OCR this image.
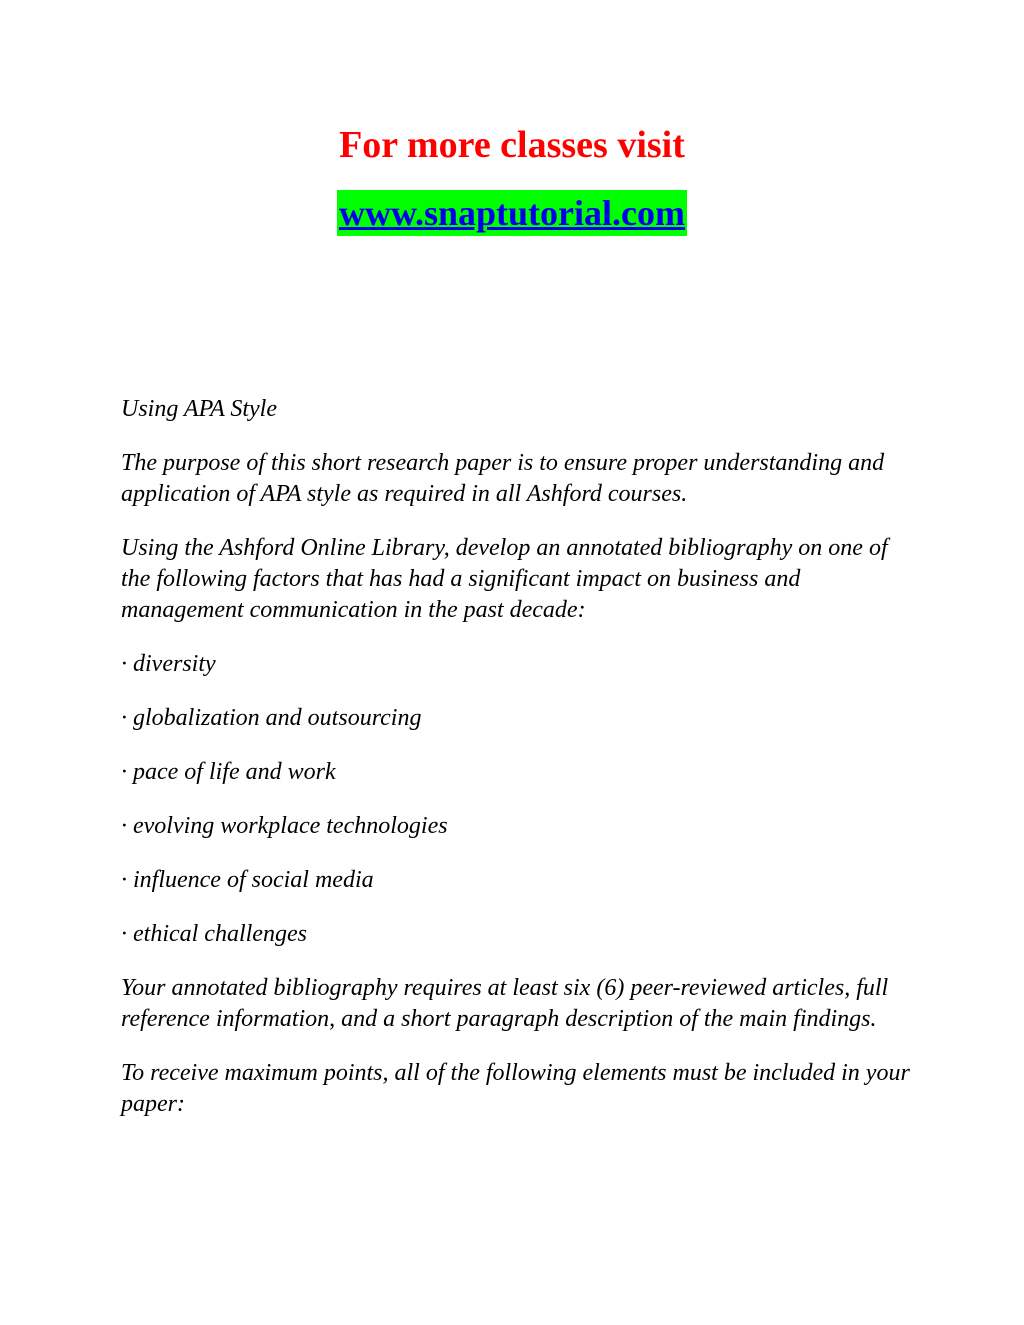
For more classes visit
www.snaptutorial.com

Using APA Style

The purpose of this short research paper is to ensure proper understanding and application of APA style as required in all Ashford courses.

Using the Ashford Online Library, develop an annotated bibliography on one of the following factors that has had a significant impact on business and management communication in the past decade:

· diversity

· globalization and outsourcing

· pace of life and work

· evolving workplace technologies

· influence of social media

· ethical challenges

Your annotated bibliography requires at least six (6) peer-reviewed articles, full reference information, and a short paragraph description of the main findings.

To receive maximum points, all of the following elements must be included in your paper:
